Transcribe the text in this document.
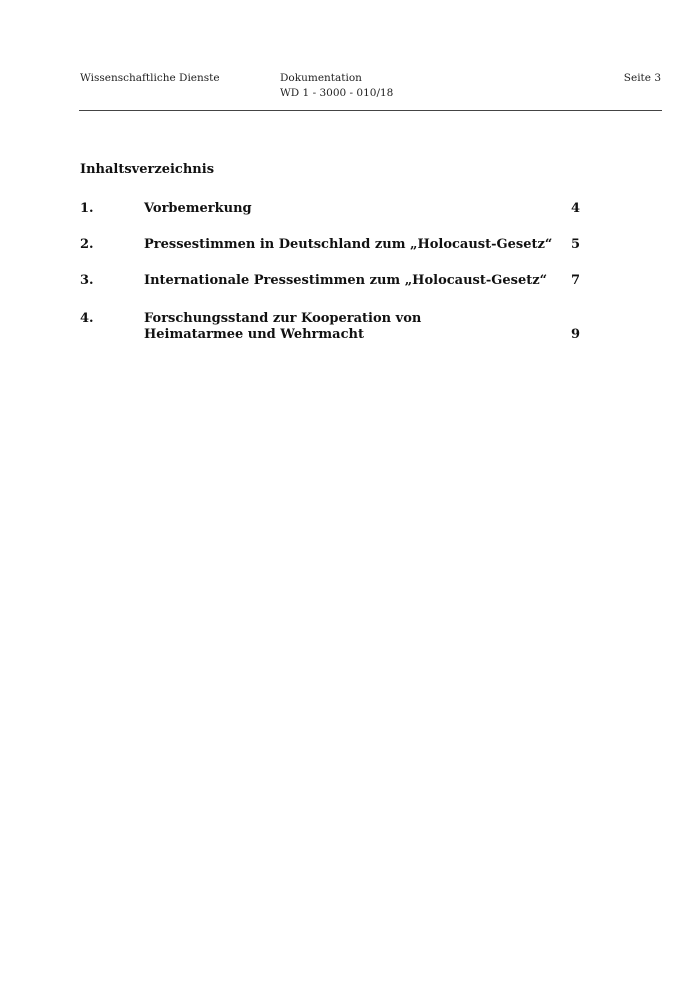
Wissenschaftliche Dienste	Dokumentation
WD 1 - 3000 - 010/18
Seite 3
Inhaltsverzeichnis
1.	Vorbemerkung	4
2.	Pressestimmen in Deutschland zum „Holocaust-Gesetz“ 5
3.	Internationale Pressestimmen zum „Holocaust-Gesetz“ 7
4.	Forschungsstand zur Kooperation von Heimatarmee und Wehrmacht	9
